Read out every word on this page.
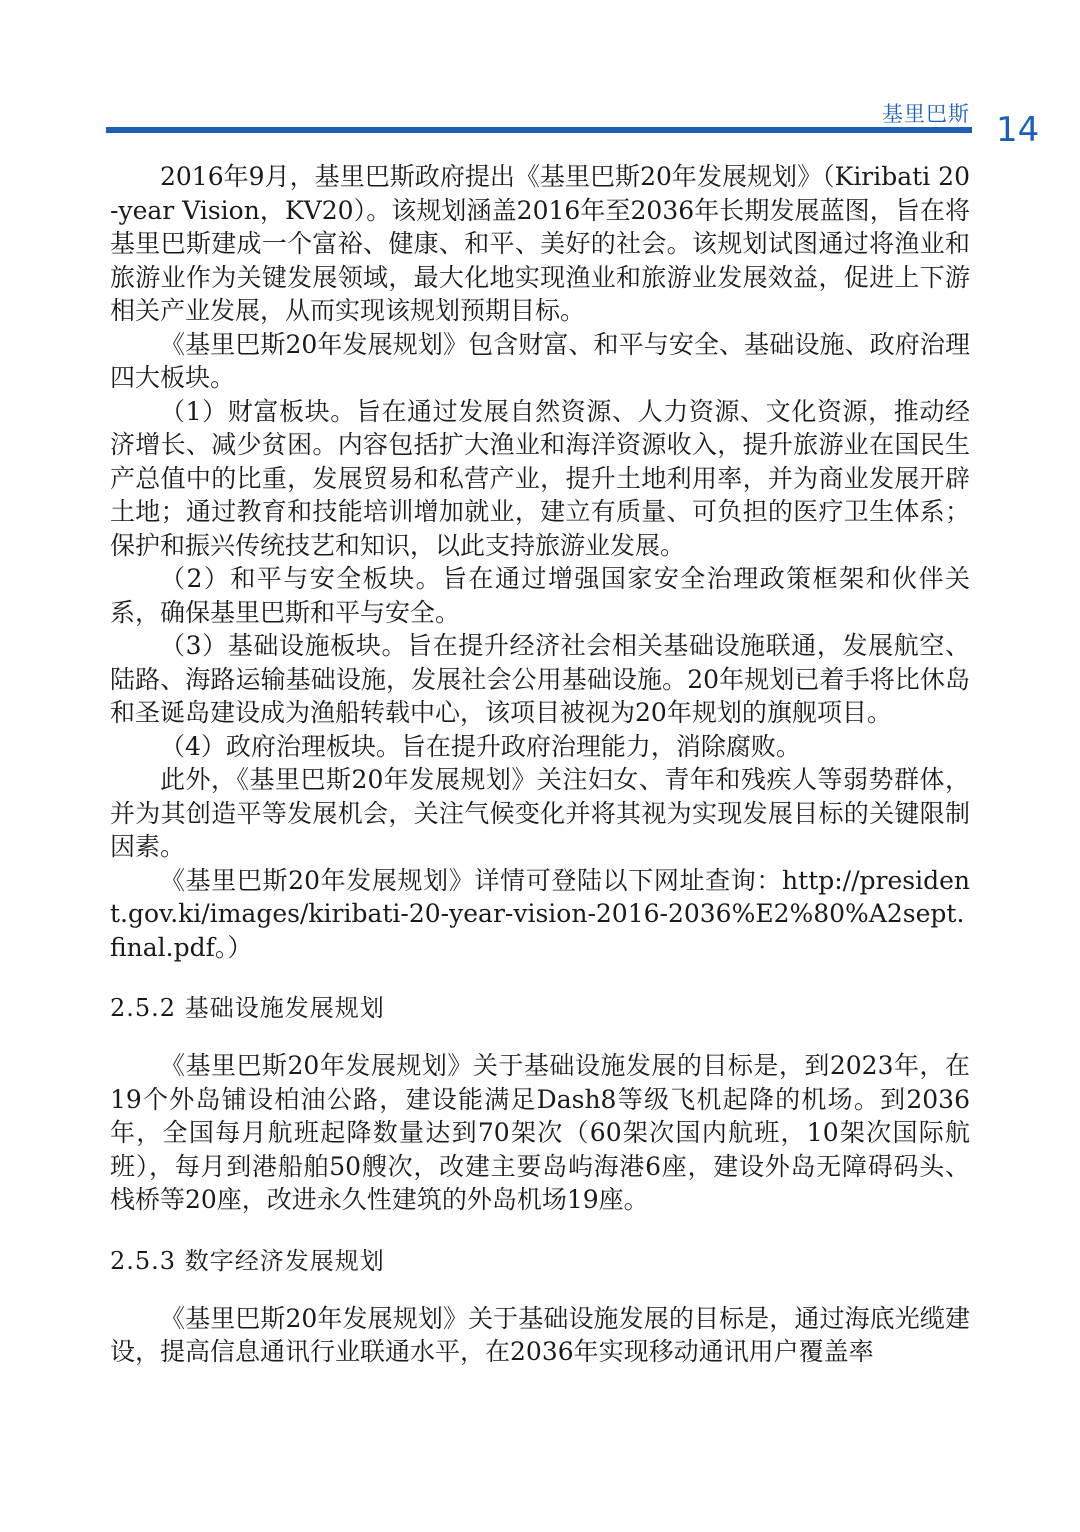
基里巴斯 14

2016年9月，基里巴斯政府提出《基里巴斯20年发展规划》（Kiribati 20-year Vision，KV20）。该规划涵盖2016年至2036年长期发展蓝图，旨在将基里巴斯建成一个富裕、健康、和平、美好的社会。该规划试图通过将渔业和旅游业作为关键发展领域，最大化地实现渔业和旅游业发展效益，促进上下游相关产业发展，从而实现该规划预期目标。

《基里巴斯20年发展规划》包含财富、和平与安全、基础设施、政府治理四大板块。

（1）财富板块。旨在通过发展自然资源、人力资源、文化资源，推动经济增长、减少贫困。内容包括扩大渔业和海洋资源收入，提升旅游业在国民生产总值中的比重，发展贸易和私营产业，提升土地利用率，并为商业发展开辟土地；通过教育和技能培训增加就业，建立有质量、可负担的医疗卫生体系；保护和振兴传统技艺和知识，以此支持旅游业发展。

（2）和平与安全板块。旨在通过增强国家安全治理政策框架和伙伴关系，确保基里巴斯和平与安全。

（3）基础设施板块。旨在提升经济社会相关基础设施联通，发展航空、陆路、海路运输基础设施，发展社会公用基础设施。20年规划已着手将比休岛和圣诞岛建设成为渔船转载中心，该项目被视为20年规划的旗舰项目。

（4）政府治理板块。旨在提升政府治理能力，消除腐败。

此外，《基里巴斯20年发展规划》关注妇女、青年和残疾人等弱势群体，并为其创造平等发展机会，关注气候变化并将其视为实现发展目标的关键限制因素。

《基里巴斯20年发展规划》详情可登陆以下网址查询：http://president.gov.ki/images/kiribati-20-year-vision-2016-2036%E2%80%A2sept.final.pdf。）

2.5.2 基础设施发展规划

《基里巴斯20年发展规划》关于基础设施发展的目标是，到2023年，在19个外岛铺设柏油公路，建设能满足Dash8等级飞机起降的机场。到2036年，全国每月航班起降数量达到70架次（60架次国内航班，10架次国际航班），每月到港船舶50艘次，改建主要岛屿海港6座，建设外岛无障碍码头、栈桥等20座，改进永久性建筑的外岛机场19座。

2.5.3 数字经济发展规划

《基里巴斯20年发展规划》关于基础设施发展的目标是，通过海底光缆建设，提高信息通讯行业联通水平，在2036年实现移动通讯用户覆盖率
